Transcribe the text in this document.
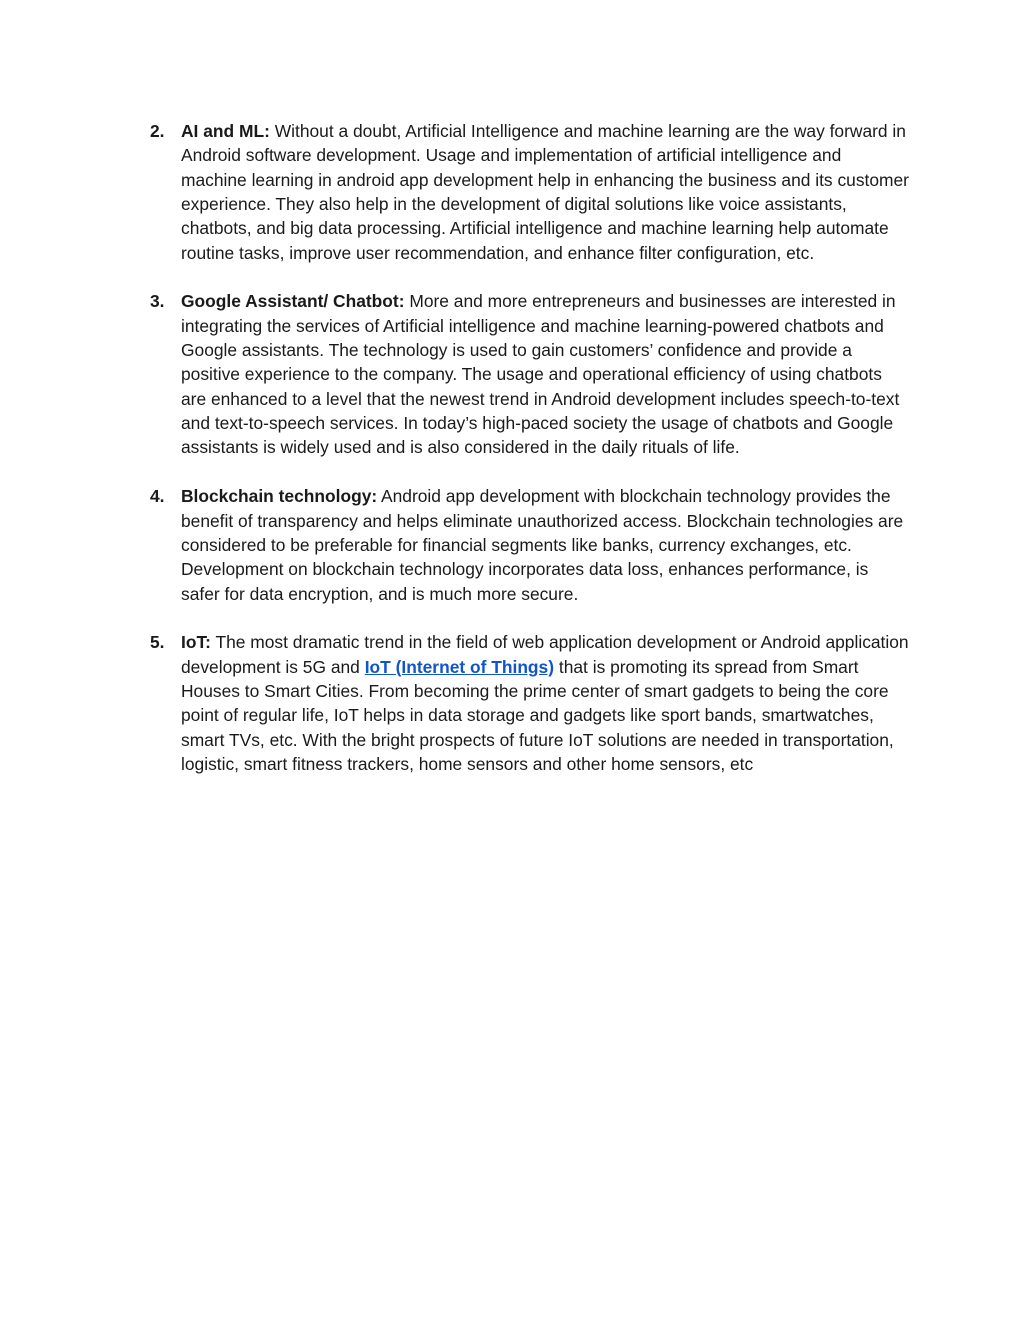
2. AI and ML: Without a doubt, Artificial Intelligence and machine learning are the way forward in Android software development. Usage and implementation of artificial intelligence and machine learning in android app development help in enhancing the business and its customer experience. They also help in the development of digital solutions like voice assistants, chatbots, and big data processing. Artificial intelligence and machine learning help automate routine tasks, improve user recommendation, and enhance filter configuration, etc.
3. Google Assistant/ Chatbot: More and more entrepreneurs and businesses are interested in integrating the services of Artificial intelligence and machine learning-powered chatbots and Google assistants. The technology is used to gain customers’ confidence and provide a positive experience to the company. The usage and operational efficiency of using chatbots are enhanced to a level that the newest trend in Android development includes speech-to-text and text-to-speech services. In today’s high-paced society the usage of chatbots and Google assistants is widely used and is also considered in the daily rituals of life.
4. Blockchain technology: Android app development with blockchain technology provides the benefit of transparency and helps eliminate unauthorized access. Blockchain technologies are considered to be preferable for financial segments like banks, currency exchanges, etc. Development on blockchain technology incorporates data loss, enhances performance, is safer for data encryption, and is much more secure.
5. IoT: The most dramatic trend in the field of web application development or Android application development is 5G and IoT (Internet of Things) that is promoting its spread from Smart Houses to Smart Cities. From becoming the prime center of smart gadgets to being the core point of regular life, IoT helps in data storage and gadgets like sport bands, smartwatches, smart TVs, etc. With the bright prospects of future IoT solutions are needed in transportation, logistic, smart fitness trackers, home sensors and other home sensors, etc
